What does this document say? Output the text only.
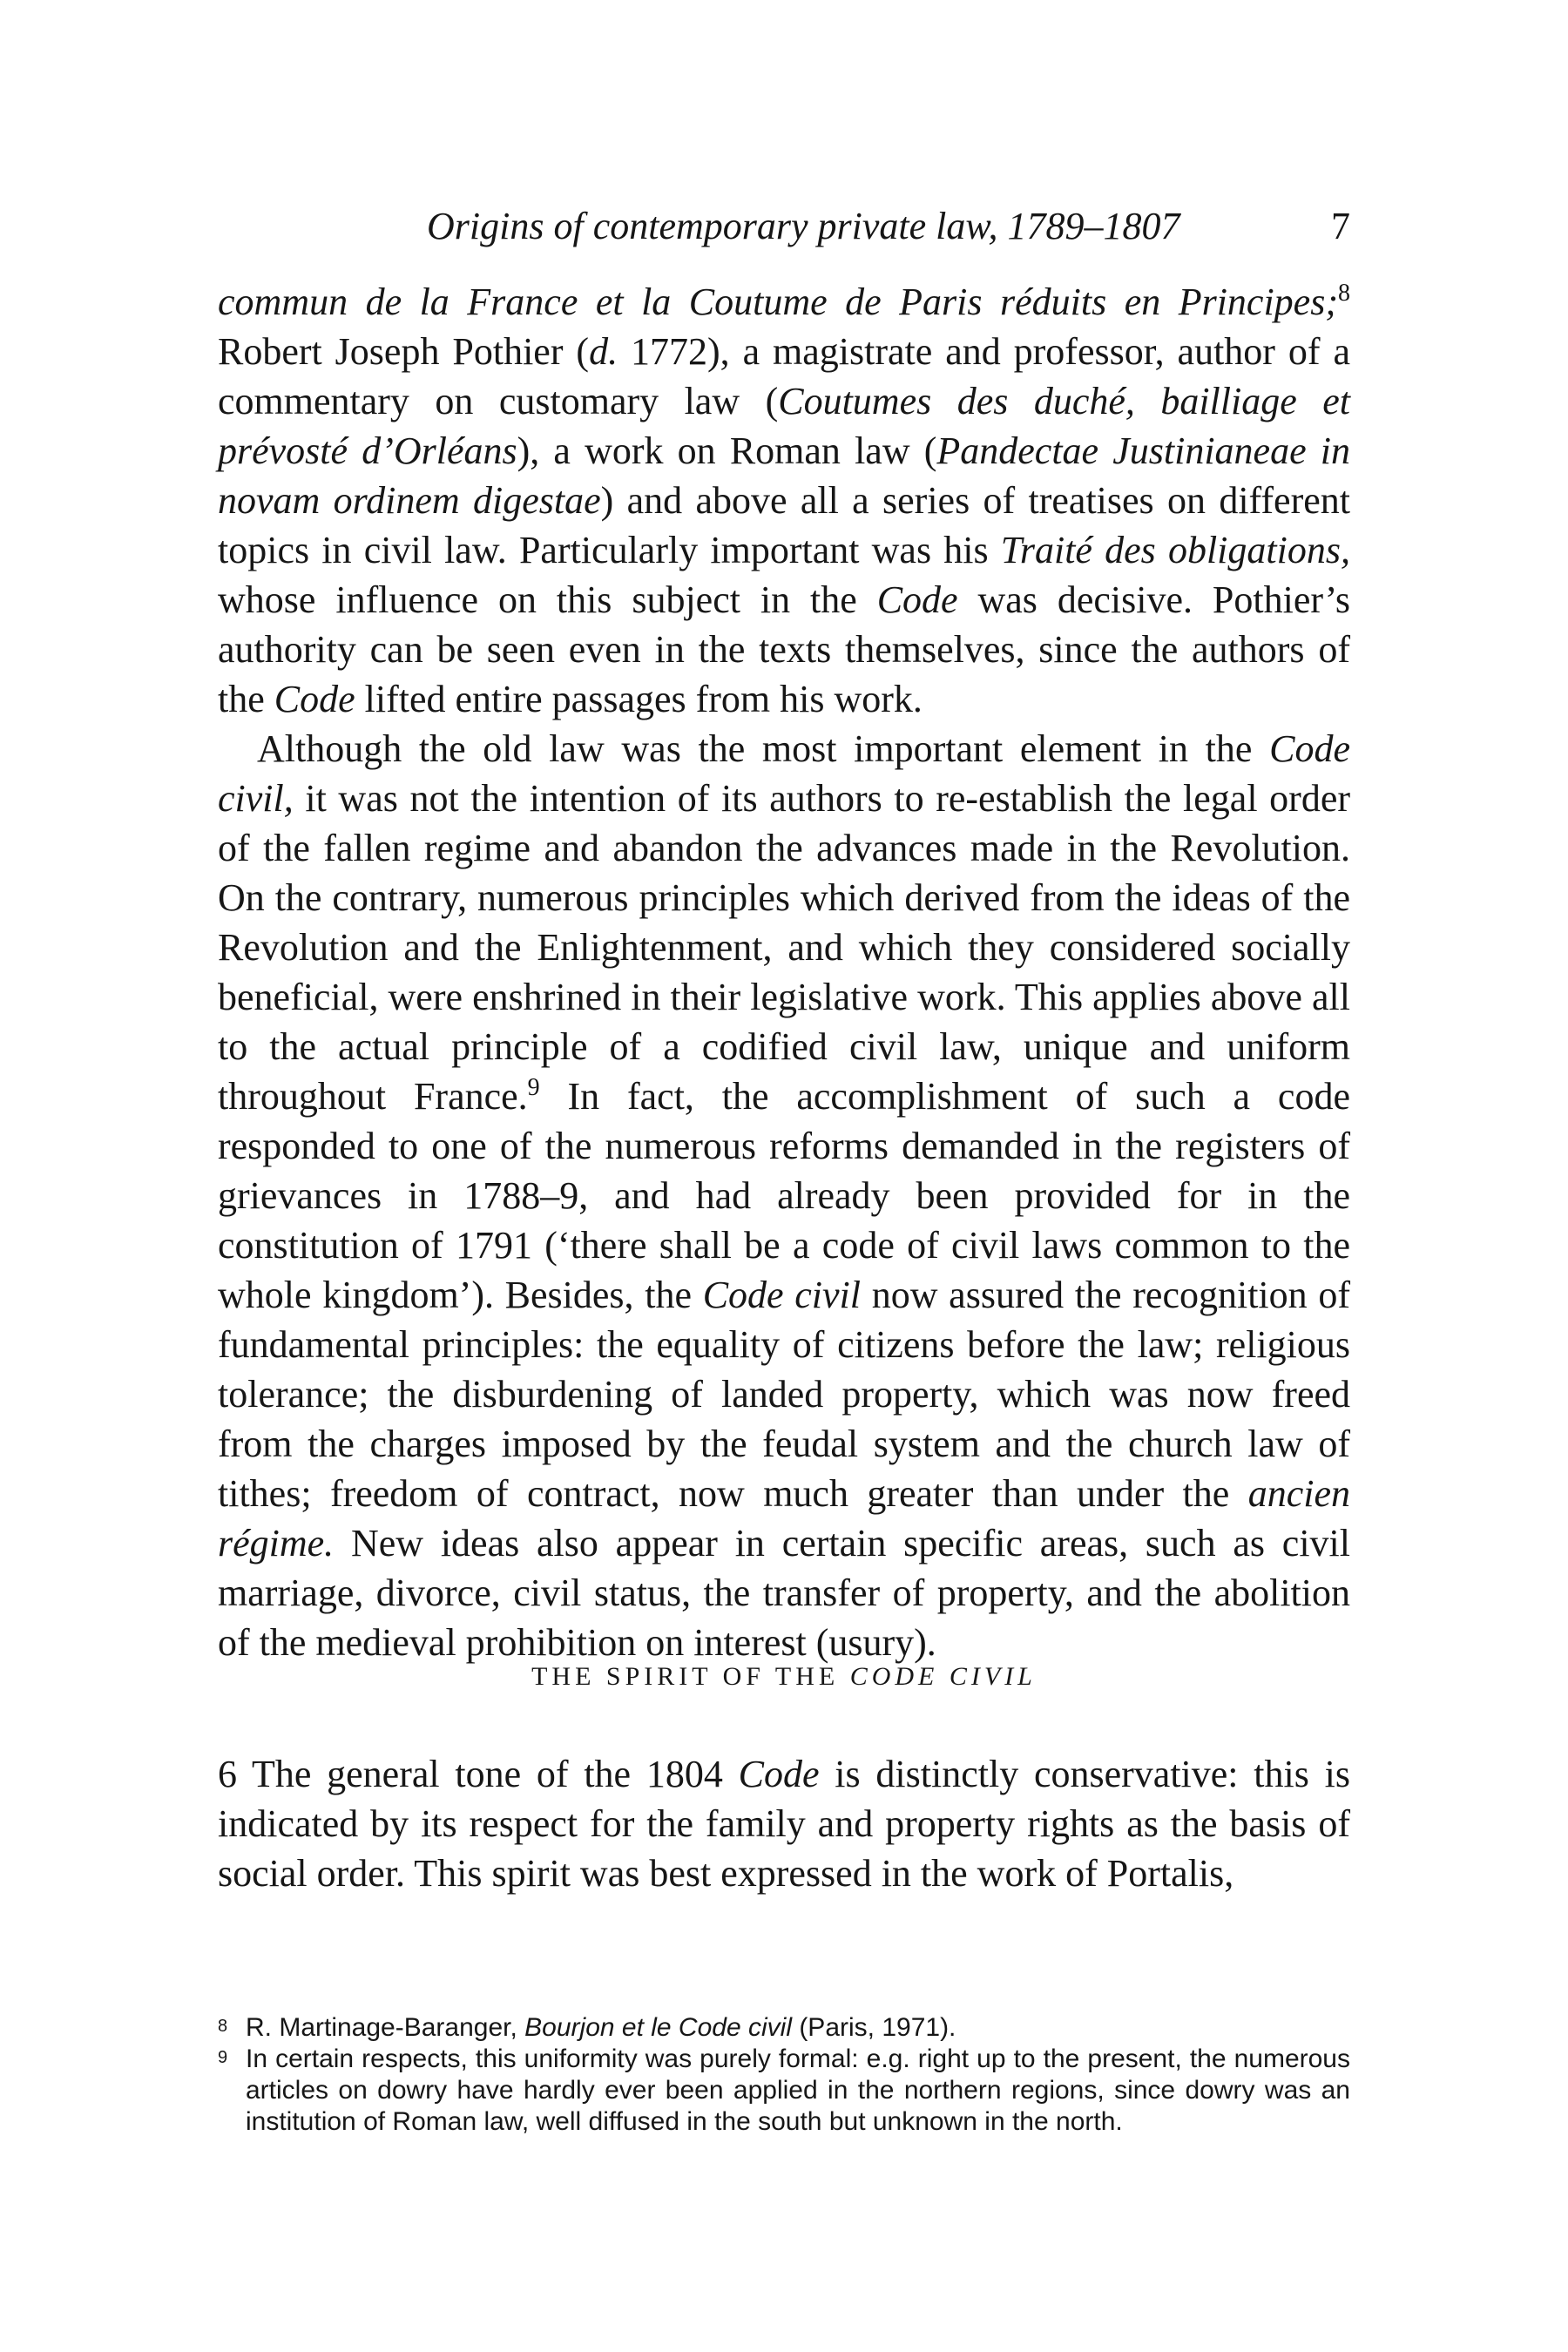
Origins of contemporary private law, 1789–1807	7

commun de la France et la Coutume de Paris réduits en Principes;$^8$ Robert Joseph Pothier (d. 1772), a magistrate and professor, author of a commentary on customary law (Coutumes des duché, bailliage et prévosté d’Orléans), a work on Roman law (Pandectae Justinianeae in novam ordinem digestae) and above all a series of treatises on different topics in civil law. Particularly important was his Traité des obligations, whose influence on this subject in the Code was decisive. Pothier’s authority can be seen even in the texts themselves, since the authors of the Code lifted entire passages from his work.

Although the old law was the most important element in the Code civil, it was not the intention of its authors to re-establish the legal order of the fallen regime and abandon the advances made in the Revolution. On the contrary, numerous principles which derived from the ideas of the Revolution and the Enlightenment, and which they considered socially beneficial, were enshrined in their legislative work. This applies above all to the actual principle of a codified civil law, unique and uniform throughout France.$^9$ In fact, the accomplishment of such a code responded to one of the numerous reforms demanded in the registers of grievances in 1788–9, and had already been provided for in the constitution of 1791 (‘there shall be a code of civil laws common to the whole kingdom’). Besides, the Code civil now assured the recognition of fundamental principles: the equality of citizens before the law; religious tolerance; the disburdening of landed property, which was now freed from the charges imposed by the feudal system and the church law of tithes; freedom of contract, now much greater than under the ancien régime. New ideas also appear in certain specific areas, such as civil marriage, divorce, civil status, the transfer of property, and the abolition of the medieval prohibition on interest (usury).

THE SPIRIT OF THE CODE CIVIL

6 The general tone of the 1804 Code is distinctly conservative: this is indicated by its respect for the family and property rights as the basis of social order. This spirit was best expressed in the work of Portalis,

8 R. Martinage-Baranger, Bourjon et le Code civil (Paris, 1971).

9 In certain respects, this uniformity was purely formal: e.g. right up to the present, the numerous articles on dowry have hardly ever been applied in the northern regions, since dowry was an institution of Roman law, well diffused in the south but unknown in the north.
